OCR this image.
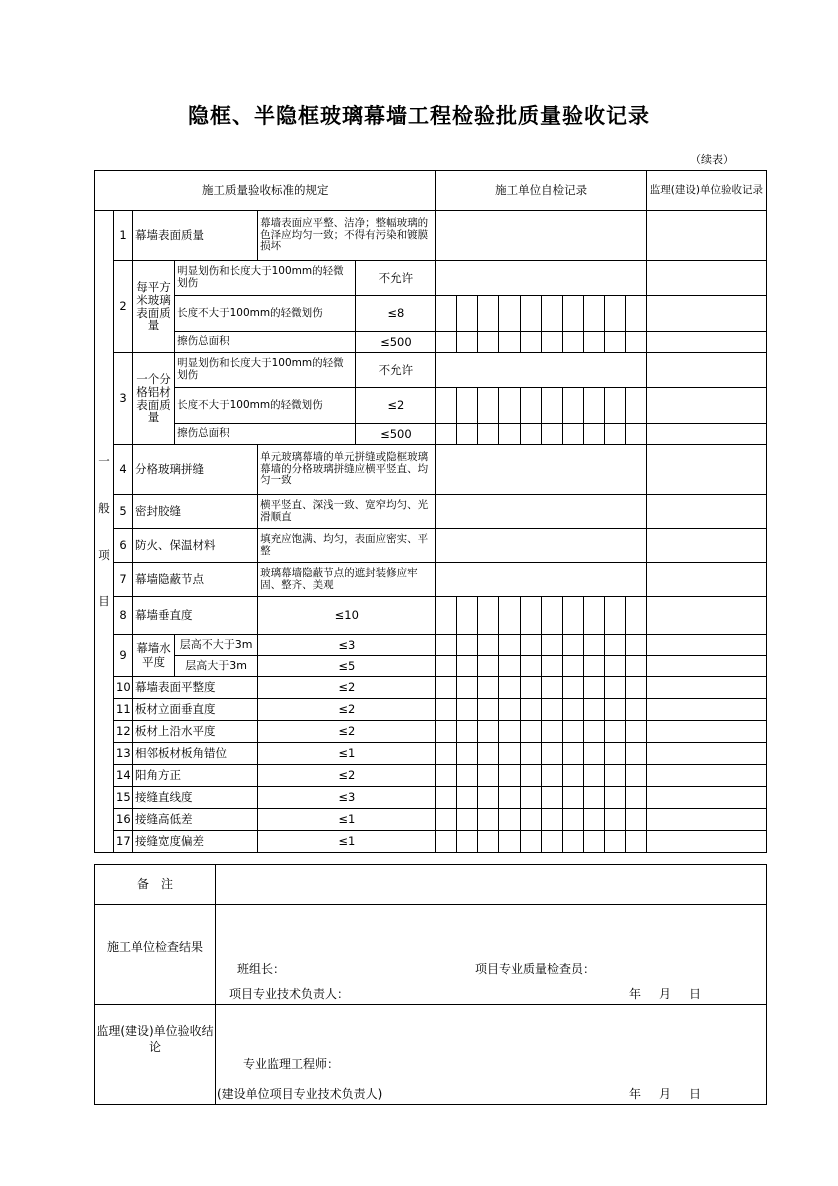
隐框、半隐框玻璃幕墙工程检验批质量验收记录
（续表）
施工质量验收标准的规定						施工单位自检记录										监理(建设)单位验收记录

一
般
项
目	1	幕墙表面质量		幕墙表面应平整、洁净；整幅玻璃的色泽应均匀一致；不得有污染和镀膜损坏												
	2	每平方米玻璃表面质量	明显划伤和长度大于100mm的轻微划伤		不允许											
			长度不大于100mm的轻微划伤		≤8											
			擦伤总面积		≤500											
	3	一个分格铝材表面质量	明显划伤和长度大于100mm的轻微划伤		不允许											
			长度不大于100mm的轻微划伤		≤2											
			擦伤总面积		≤500											
	4	分格玻璃拼缝		单元玻璃幕墙的单元拼缝或隐框玻璃幕墙的分格玻璃拼缝应横平竖直、均匀一致												
	5	密封胶缝		横平竖直、深浅一致、宽窄均匀、光滑顺直												
	6	防火、保温材料		填充应饱满、均匀，表面应密实、平整												
	7	幕墙隐蔽节点		玻璃幕墙隐蔽节点的遮封装修应牢固、整齐、美观												
	8	幕墙垂直度		≤10												
	9	幕墙水平度	层高不大于3m	≤3												
			层高大于3m	≤5												
	10	幕墙表面平整度		≤2												
	11	板材立面垂直度		≤2												
	12	板材上沿水平度		≤2												
	13	相邻板材板角错位		≤1												
	14	阳角方正		≤2												
	15	接缝直线度		≤3												
	16	接缝高低差		≤1												
	17	接缝宽度偏差		≤1												
备　注
施工单位检查结果
班组长：	项目专业质量检查员：
项目专业技术负责人：	年　月　日
监理(建设)单位验收结论
专业监理工程师：
(建设单位项目专业技术负责人)	年　月　日
